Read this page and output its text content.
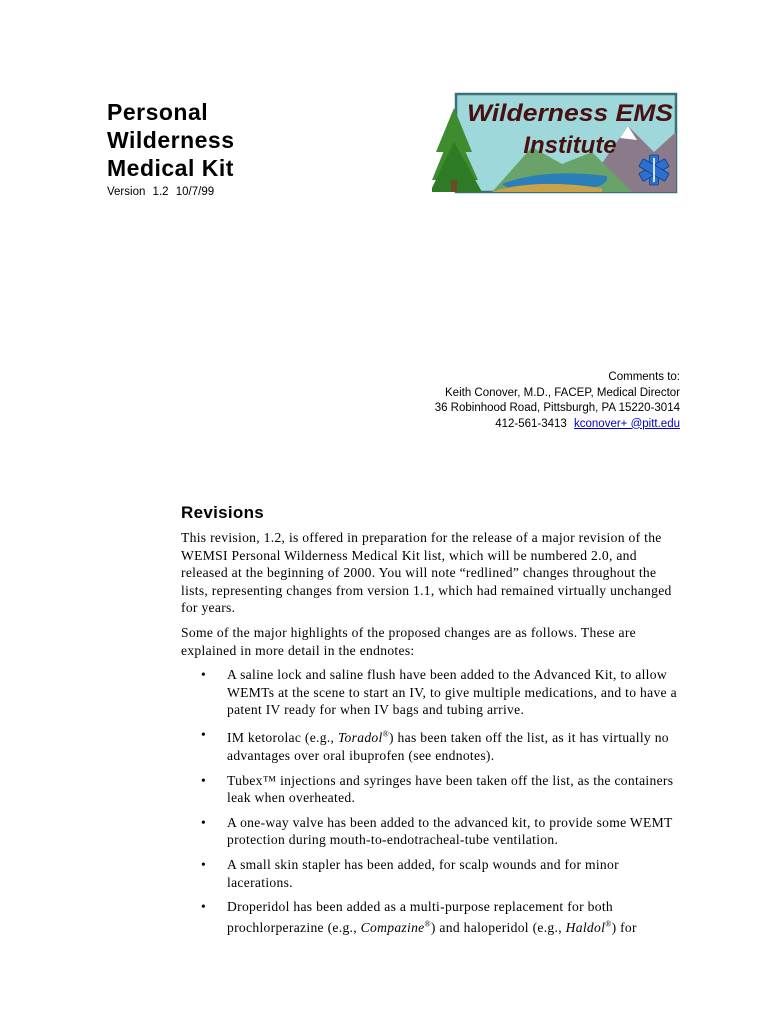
Personal
Wilderness
Medical Kit
Version 1.2 10/7/99
Wilderness EMS
Institute
Comments to:
Keith Conover, M.D., FACEP, Medical Director
36 Robinhood Road, Pittsburgh, PA 15220-3014
412-561-3413 kconover+ @pitt.edu
Revisions

This revision, 1.2, is offered in preparation for the release of a major revision of the WEMSI Personal Wilderness Medical Kit list, which will be numbered 2.0, and released at the beginning of 2000. You will note “redlined” changes throughout the lists, representing changes from version 1.1, which had remained virtually unchanged for years.

Some of the major highlights of the proposed changes are as follows. These are explained in more detail in the endnotes:

• A saline lock and saline flush have been added to the Advanced Kit, to allow WEMTs at the scene to start an IV, to give multiple medications, and to have a patent IV ready for when IV bags and tubing arrive.
• IM ketorolac (e.g., Toradol®) has been taken off the list, as it has virtually no advantages over oral ibuprofen (see endnotes).
• Tubex™ injections and syringes have been taken off the list, as the containers leak when overheated.
• A one-way valve has been added to the advanced kit, to provide some WEMT protection during mouth-to-endotracheal-tube ventilation.
• A small skin stapler has been added, for scalp wounds and for minor lacerations.
• Droperidol has been added as a multi-purpose replacement for both prochlorperazine (e.g., Compazine®) and haloperidol (e.g., Haldol®) for
